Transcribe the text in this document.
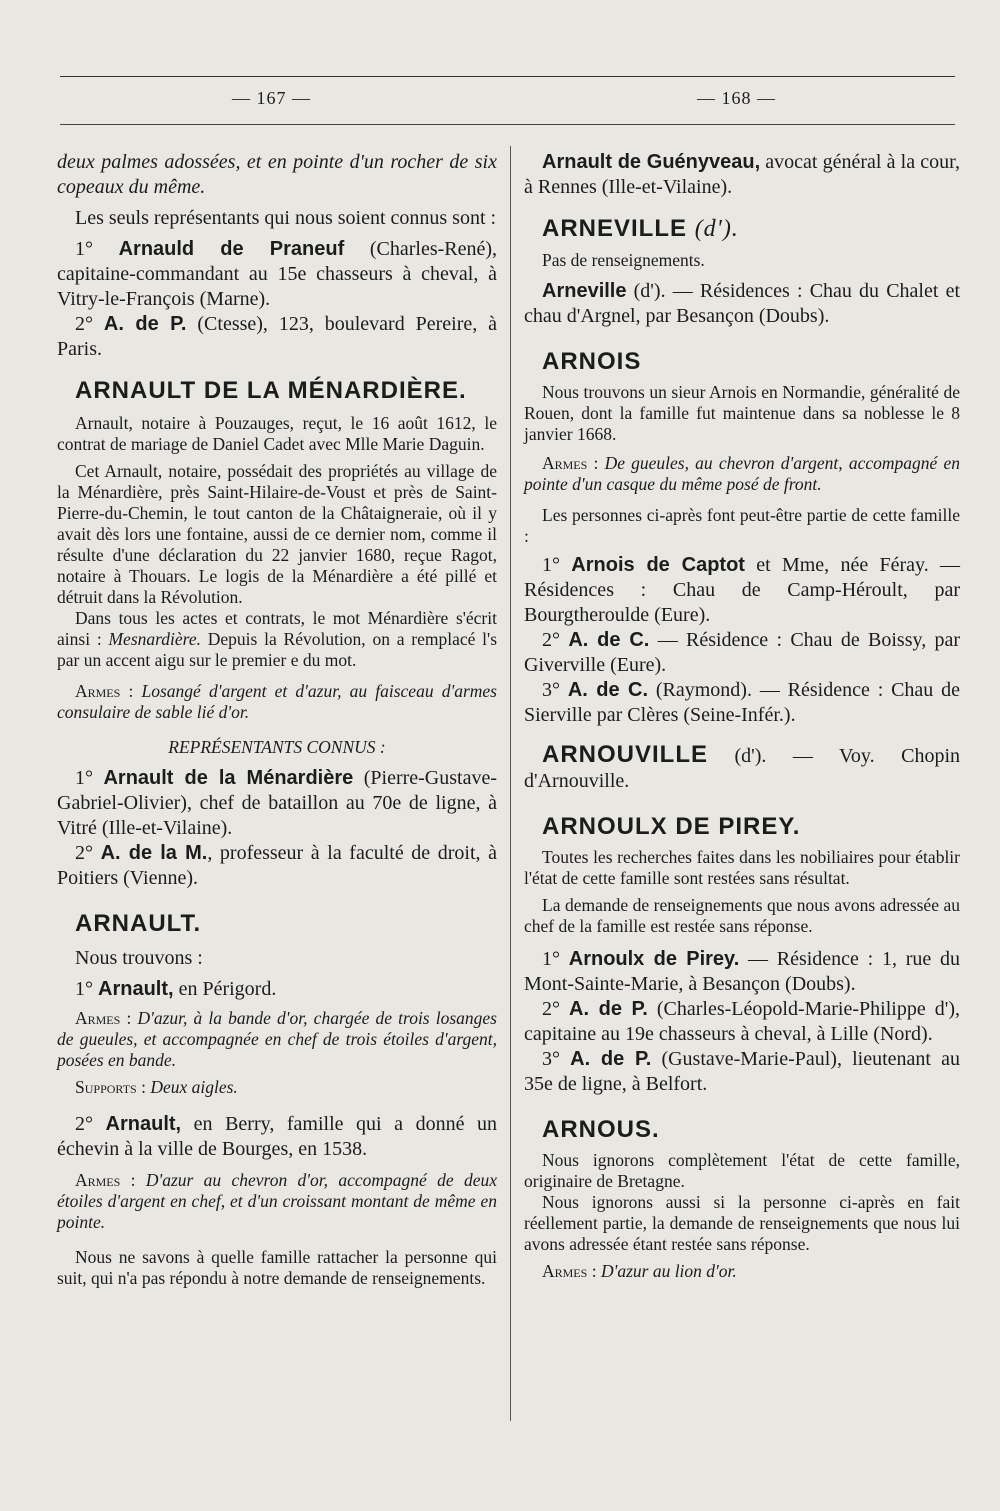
— 167 —	— 168 —

deux palmes adossées, et en pointe d'un rocher de six copeaux du même.

Les seuls représentants qui nous soient connus sont :

1° Arnauld de Praneuf (Charles-René), capitaine-commandant au 15e chasseurs à cheval, à Vitry-le-François (Marne).

2° A. de P. (Ctesse), 123, boulevard Pereire, à Paris.

ARNAULT DE LA MÉNARDIÈRE.

Arnault, notaire à Pouzauges, reçut, le 16 août 1612, le contrat de mariage de Daniel Cadet avec Mlle Marie Daguin.

Cet Arnault, notaire, possédait des propriétés au village de la Ménardière, près Saint-Hilaire-de-Voust et près de Saint-Pierre-du-Chemin, le tout canton de la Châtaigneraie, où il y avait dès lors une fontaine, aussi de ce dernier nom, comme il résulte d'une déclaration du 22 janvier 1680, reçue Ragot, notaire à Thouars. Le logis de la Ménardière a été pillé et détruit dans la Révolution.

Dans tous les actes et contrats, le mot Ménardière s'écrit ainsi : Mesnardière. Depuis la Révolution, on a remplacé l's par un accent aigu sur le premier e du mot.

Armes : Losangé d'argent et d'azur, au faisceau d'armes consulaire de sable lié d'or.

REPRÉSENTANTS CONNUS :

1° Arnault de la Ménardière (Pierre-Gustave-Gabriel-Olivier), chef de bataillon au 70e de ligne, à Vitré (Ille-et-Vilaine).

2° A. de la M., professeur à la faculté de droit, à Poitiers (Vienne).

ARNAULT.

Nous trouvons :

1° Arnault, en Périgord.

Armes : D'azur, à la bande d'or, chargée de trois losanges de gueules, et accompagnée en chef de trois étoiles d'argent, posées en bande.

Supports : Deux aigles.

2° Arnault, en Berry, famille qui a donné un échevin à la ville de Bourges, en 1538.

Armes : D'azur au chevron d'or, accompagné de deux étoiles d'argent en chef, et d'un croissant montant de même en pointe.

Nous ne savons à quelle famille rattacher la personne qui suit, qui n'a pas répondu à notre demande de renseignements.

Arnault de Guényveau, avocat général à la cour, à Rennes (Ille-et-Vilaine).

ARNEVILLE (d').

Pas de renseignements.

Arneville (d'). — Résidences : Chau du Chalet et chau d'Argnel, par Besançon (Doubs).

ARNOIS

Nous trouvons un sieur Arnois en Normandie, généralité de Rouen, dont la famille fut maintenue dans sa noblesse le 8 janvier 1668.

Armes : De gueules, au chevron d'argent, accompagné en pointe d'un casque du même posé de front.

Les personnes ci-après font peut-être partie de cette famille :

1° Arnois de Captot et Mme, née Féray. — Résidences : Chau de Camp-Héroult, par Bourgtheroulde (Eure).

2° A. de C. — Résidence : Chau de Boissy, par Giverville (Eure).

3° A. de C. (Raymond). — Résidence : Chau de Sierville par Clères (Seine-Infér.).

ARNOUVILLE (d'). — Voy. Chopin d'Arnouville.

ARNOULX DE PIREY.

Toutes les recherches faites dans les nobiliaires pour établir l'état de cette famille sont restées sans résultat.

La demande de renseignements que nous avons adressée au chef de la famille est restée sans réponse.

1° Arnoulx de Pirey. — Résidence : 1, rue du Mont-Sainte-Marie, à Besançon (Doubs).

2° A. de P. (Charles-Léopold-Marie-Philippe d'), capitaine au 19e chasseurs à cheval, à Lille (Nord).

3° A. de P. (Gustave-Marie-Paul), lieutenant au 35e de ligne, à Belfort.

ARNOUS.

Nous ignorons complètement l'état de cette famille, originaire de Bretagne.

Nous ignorons aussi si la personne ci-après en fait réellement partie, la demande de renseignements que nous lui avons adressée étant restée sans réponse.

Armes : D'azur au lion d'or.
